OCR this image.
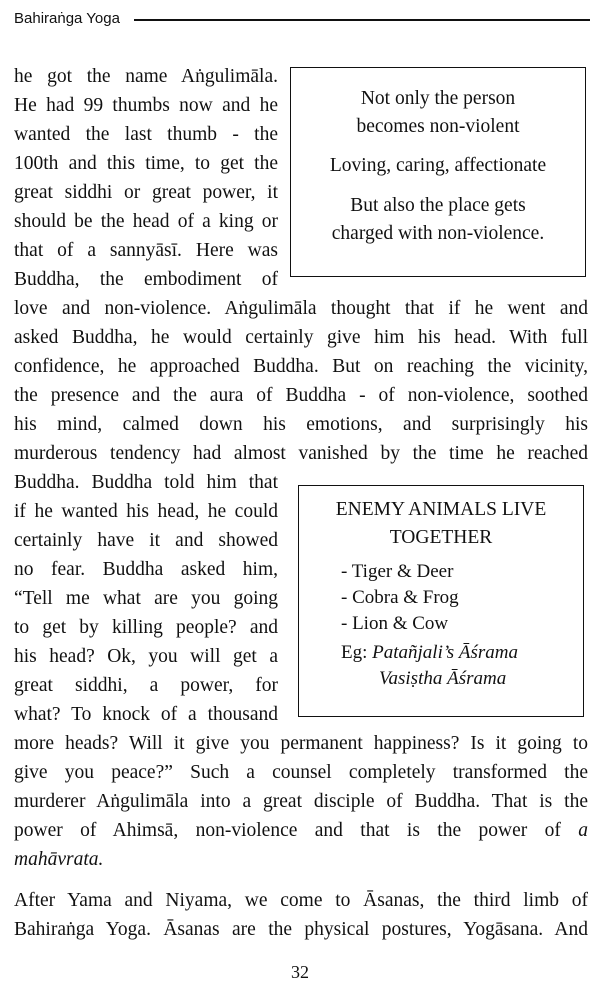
Bahiraṅga Yoga
he got the name Aṅgulimāla.
He had 99 thumbs now and he
wanted the last thumb - the
100th and this time, to get the
great siddhi or great power, it
should be the head of a king or
that of a sannyāsī. Here was
Buddha, the embodiment of
love and non-violence. Aṅgulimāla thought that if he went and
asked Buddha, he would certainly give him his head. With full
confidence, he approached Buddha. But on reaching the vicinity,
the presence and the aura of Buddha - of non-violence, soothed
his mind, calmed down his emotions, and surprisingly his
murderous tendency had almost vanished by the time he reached
Buddha. Buddha told him that
if he wanted his head, he could
certainly have it and showed
no fear. Buddha asked him,
“Tell me what are you going
to get by killing people? and
his head? Ok, you will get a
great siddhi, a power, for
what? To knock of a thousand
more heads? Will it give you permanent happiness? Is it going to
give you peace?” Such a counsel completely transformed the
murderer Aṅgulimāla into a great disciple of Buddha. That is the
power of Ahimsā, non-violence and that is the power of a
mahāvrata.
After Yama and Niyama, we come to Āsanas, the third limb of
Bahiraṅga Yoga. Āsanas are the physical postures, Yogāsana. And
Not only the person
becomes non-violent
Loving, caring, affectionate
But also the place gets
charged with non-violence.
ENEMY ANIMALS LIVE
TOGETHER
- Tiger & Deer
- Cobra & Frog
- Lion & Cow
Eg: Patañjali’s Āśrama
Vasiṣtha Āśrama
32
